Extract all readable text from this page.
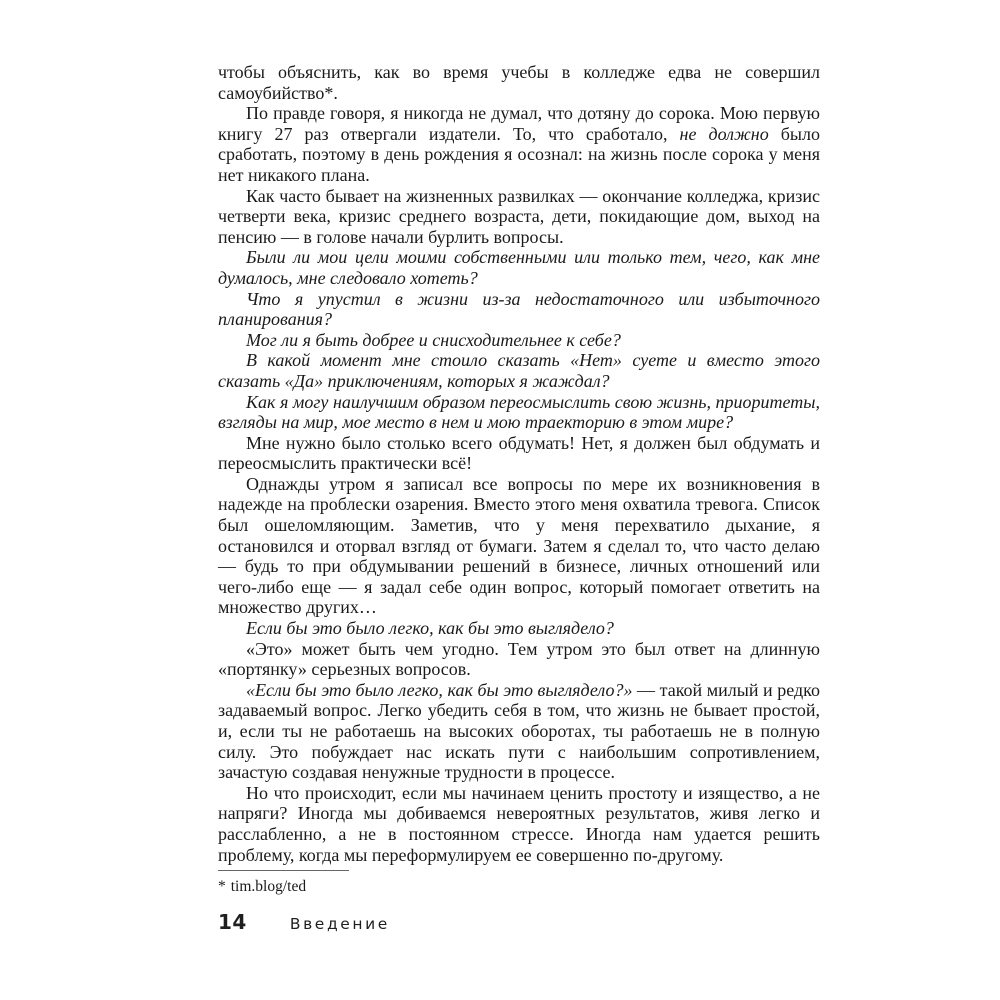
чтобы объяснить, как во время учебы в колледже едва не совершил самоубийство*.

По правде говоря, я никогда не думал, что дотяну до сорока. Мою первую книгу 27 раз отвергали издатели. То, что сработало, не должно было сработать, поэтому в день рождения я осознал: на жизнь после сорока у меня нет никакого плана.

Как часто бывает на жизненных развилках — окончание колледжа, кризис четверти века, кризис среднего возраста, дети, покидающие дом, выход на пенсию — в голове начали бурлить вопросы.

Были ли мои цели моими собственными или только тем, чего, как мне думалось, мне следовало хотеть?

Что я упустил в жизни из-за недостаточного или избыточного планирования?

Мог ли я быть добрее и снисходительнее к себе?

В какой момент мне стоило сказать «Нет» суете и вместо этого сказать «Да» приключениям, которых я жаждал?

Как я могу наилучшим образом переосмыслить свою жизнь, приоритеты, взгляды на мир, мое место в нем и мою траекторию в этом мире?

Мне нужно было столько всего обдумать! Нет, я должен был обдумать и переосмыслить практически всё!

Однажды утром я записал все вопросы по мере их возникновения в надежде на проблески озарения. Вместо этого меня охватила тревога. Список был ошеломляющим. Заметив, что у меня перехватило дыхание, я остановился и оторвал взгляд от бумаги. Затем я сделал то, что часто делаю — будь то при обдумывании решений в бизнесе, личных отношений или чего-либо еще — я задал себе один вопрос, который помогает ответить на множество других…

Если бы это было легко, как бы это выглядело?

«Это» может быть чем угодно. Тем утром это был ответ на длинную «портянку» серьезных вопросов.

«Если бы это было легко, как бы это выглядело?» — такой милый и редко задаваемый вопрос. Легко убедить себя в том, что жизнь не бывает простой, и, если ты не работаешь на высоких оборотах, ты работаешь не в полную силу. Это побуждает нас искать пути с наибольшим сопротивлением, зачастую создавая ненужные трудности в процессе.

Но что происходит, если мы начинаем ценить простоту и изящество, а не напряги? Иногда мы добиваемся невероятных результатов, живя легко и расслабленно, а не в постоянном стрессе. Иногда нам удается решить проблему, когда мы переформулируем ее совершенно по-другому.

* tim.blog/ted
14	Введение
